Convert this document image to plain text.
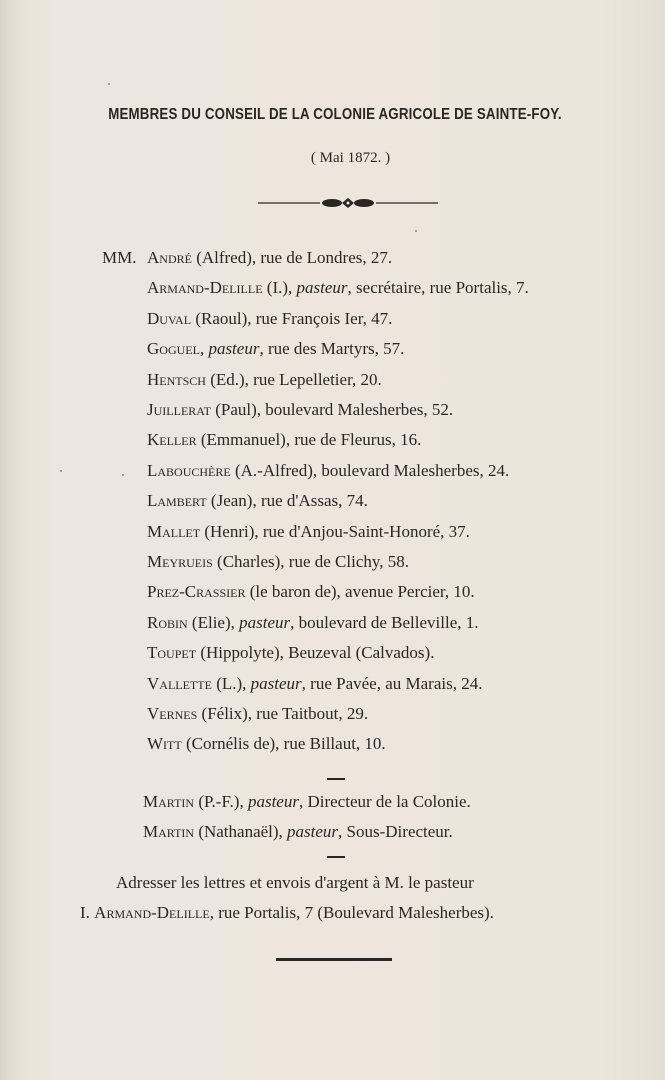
MEMBRES DU CONSEIL DE LA COLONIE AGRICOLE DE SAINTE-FOY.
( Mai 1872. )
MM. André (Alfred), rue de Londres, 27.
Armand-Delille (I.), pasteur, secrétaire, rue Portalis, 7.
Duval (Raoul), rue François Ier, 47.
Goguel, pasteur, rue des Martyrs, 57.
Hentsch (Ed.), rue Lepelletier, 20.
Juillerat (Paul), boulevard Malesherbes, 52.
Keller (Emmanuel), rue de Fleurus, 16.
Labouchère (A.-Alfred), boulevard Malesherbes, 24.
Lambert (Jean), rue d'Assas, 74.
Mallet (Henri), rue d'Anjou-Saint-Honoré, 37.
Meyrueis (Charles), rue de Clichy, 58.
Prez-Crassier (le baron de), avenue Percier, 10.
Robin (Elie), pasteur, boulevard de Belleville, 1.
Toupet (Hippolyte), Beuzeval (Calvados).
Vallette (L.), pasteur, rue Pavée, au Marais, 24.
Vernes (Félix), rue Taitbout, 29.
Witt (Cornélis de), rue Billaut, 10.
Martin (P.-F.), pasteur, Directeur de la Colonie.
Martin (Nathanaël), pasteur, Sous-Directeur.
Adresser les lettres et envois d'argent à M. le pasteur
I. Armand-Delille, rue Portalis, 7 (Boulevard Malesherbes).
